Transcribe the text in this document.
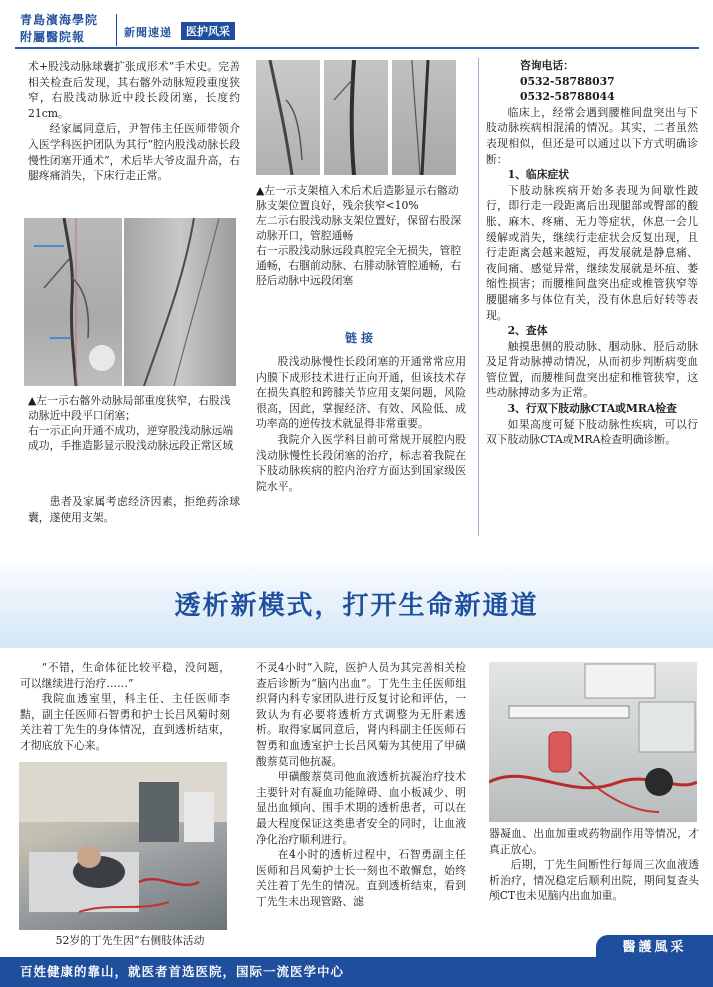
青島濱海學院
附屬醫院報	新聞速递	医护风采

术+股浅动脉球囊扩张成形术”手术史。完善相关检查后发现，其右髂外动脉短段重度狭窄，右股浅动脉近中段长段闭塞，长度约21cm。

经家属同意后，尹智伟主任医师带领介入医学科医护团队为其行“腔内股浅动脉长段慢性闭塞开通术”，术后毕大爷皮温升高，右腿疼痛消失，下床行走正常。

▲左一示右髂外动脉局部重度狭窄，右股浅动脉近中段平口闭塞；

右一示正向开通不成功，逆穿股浅动脉远端成功，手推造影显示股浅动脉远段正常区域

患者及家属考虑经济因素，拒绝药涂球囊，遂使用支架。

▲左一示支架植入术后术后造影显示右髂动脉支架位置良好，残余狭窄<10%

左二示右股浅动脉支架位置好，保留右股深动脉开口，管腔通畅

右一示股浅动脉远段真腔完全无损失，管腔通畅，右腘前动脉、右腓动脉管腔通畅，右胫后动脉中远段闭塞

链接

股浅动脉慢性长段闭塞的开通常常应用内膜下成形技术进行正向开通，但该技术存在损失真腔和跨膝关节应用支架问题，风险很高，因此，掌握经济、有效、风险低、成功率高的逆传技术就显得非常重要。

我院介入医学科目前可常规开展腔内股浅动脉慢性长段闭塞的治疗，标志着我院在下肢动脉疾病的腔内治疗方面达到国家级医院水平。

咨询电话：

0532-58788037

0532-58788044

临床上，经常会遇到腰椎间盘突出与下肢动脉疾病相混淆的情况。其实，二者虽然表现相似，但还是可以通过以下方式明确诊断：

1、临床症状

下肢动脉疾病开始多表现为间歇性跛行，即行走一段距离后出现腿部或臀部的酸胀、麻木、疼痛、无力等症状，休息一会儿缓解或消失，继续行走症状会反复出现，且行走距离会越来越短，再发展就是静息痛、夜间痛、感觉异常，继续发展就是坏疽、萎缩性损害；而腰椎间盘突出症或椎管狭窄等腰腿痛多与体位有关，没有休息后好转等表现。

2、查体

触摸患侧的股动脉、腘动脉、胫后动脉及足背动脉搏动情况，从而初步判断病变血管位置，而腰椎间盘突出症和椎管狭窄，这些动脉搏动多为正常。

3、行双下肢动脉CTA或MRA检查

如果高度可疑下肢动脉性疾病，可以行双下肢动脉CTA或MRA检查明确诊断。

透析新模式，打开生命新通道

“不错，生命体征比较平稳，没问题，可以继续进行治疗……”

我院血透室里，科主任、主任医师李黠，副主任医师石智勇和护士长吕风菊时刻关注着丁先生的身体情况，直到透析结束，才彻底放下心来。

52岁的丁先生因“右侧肢体活动

不灵4小时”入院，医护人员为其完善相关检查后诊断为“脑内出血”。丁先生主任医师组织肾内科专家团队进行反复讨论和评估，一致认为有必要将透析方式调整为无肝素透析。取得家属同意后，肾内科副主任医师石智勇和血透室护士长吕风菊为其使用了甲磺酸萘莫司他抗凝。

甲磺酸萘莫司他血液透析抗凝治疗技术主要针对有凝血功能障碍、血小板减少、明显出血倾向、围手术期的透析患者，可以在最大程度保证这类患者安全的同时，让血液净化治疗顺利进行。

在4小时的透析过程中，石智勇副主任医师和吕风菊护士长一刻也不敢懈怠，始终关注着丁先生的情况。直到透析结束，看到丁先生未出现管路、滤

器凝血、出血加重或药物副作用等情况，才真正放心。

后期，丁先生间断性行每周三次血液透析治疗，情况稳定后顺利出院，期间复查头颅CT也未见脑内出血加重。

醫護風采
百姓健康的靠山，就医者首选医院，国际一流医学中心
